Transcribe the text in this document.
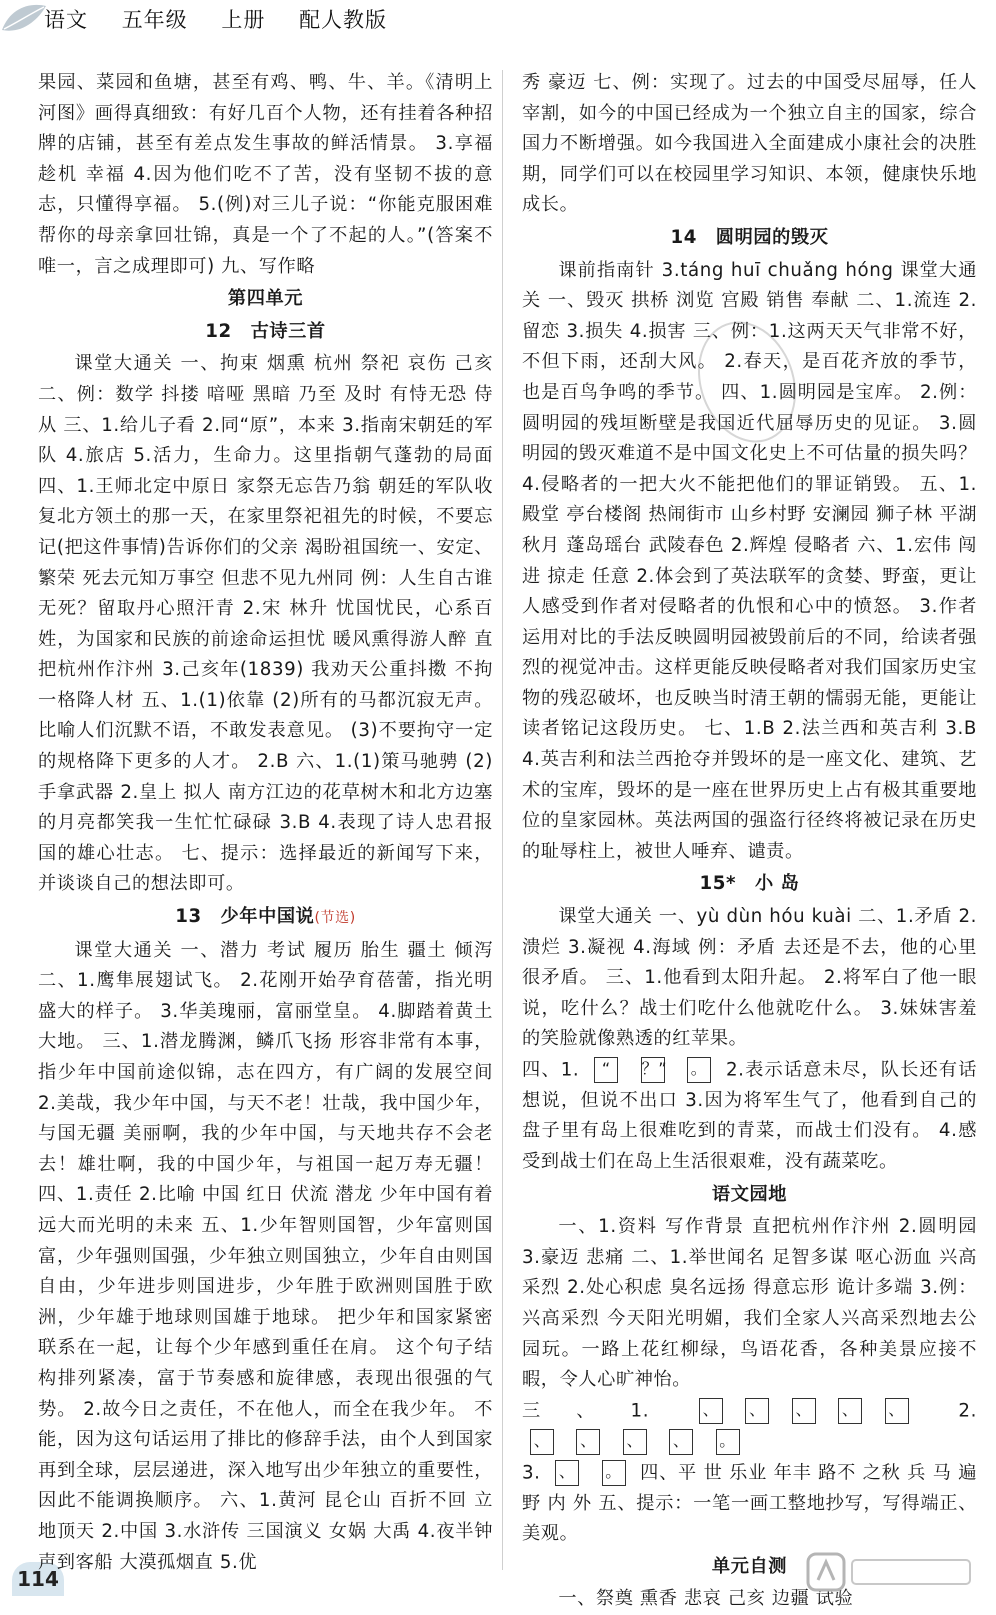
语文 五年级 上册 配人教版

果园、菜园和鱼塘，甚至有鸡、鸭、牛、羊。《清明上河图》画得真细致：有好几百个人物，还有挂着各种招牌的店铺，甚至有差点发生事故的鲜活情景。 3.享福 趁机 幸福 4.因为他们吃不了苦，没有坚韧不拔的意志，只懂得享福。 5.(例)对三儿子说：“你能克服困难帮你的母亲拿回壮锦，真是一个了不起的人。”(答案不唯一，言之成理即可) 九、写作略

第四单元
12　古诗三首

课堂大通关 一、拘束 烟熏 杭州 祭祀 哀伤 己亥 二、例：数学 抖搂 喑哑 黑暗 乃至 及时 有恃无恐 侍从 三、1.给儿子看 2.同“原”，本来 3.指南宋朝廷的军队 4.旅店 5.活力，生命力。这里指朝气蓬勃的局面 四、1.王师北定中原日 家祭无忘告乃翁 朝廷的军队收复北方领土的那一天，在家里祭祀祖先的时候，不要忘记(把这件事情)告诉你们的父亲 渴盼祖国统一、安定、繁荣 死去元知万事空 但悲不见九州同 例：人生自古谁无死？留取丹心照汗青 2.宋 林升 忧国忧民，心系百姓，为国家和民族的前途命运担忧 暖风熏得游人醉 直把杭州作汴州 3.己亥年(1839) 我劝天公重抖擞 不拘一格降人材 五、1.(1)依靠 (2)所有的马都沉寂无声。比喻人们沉默不语，不敢发表意见。 (3)不要拘守一定的规格降下更多的人才。 2.B 六、1.(1)策马驰骋 (2)手拿武器 2.皇上 拟人 南方江边的花草树木和北方边塞的月亮都笑我一生忙忙碌碌 3.B 4.表现了诗人忠君报国的雄心壮志。 七、提示：选择最近的新闻写下来，并谈谈自己的想法即可。

13　少年中国说(节选)

课堂大通关 一、潜力 考试 履历 胎生 疆土 倾泻 二、1.鹰隼展翅试飞。 2.花刚开始孕育蓓蕾，指光明盛大的样子。 3.华美瑰丽，富丽堂皇。 4.脚踏着黄土大地。 三、1.潜龙腾渊，鳞爪飞扬 形容非常有本事，指少年中国前途似锦，志在四方，有广阔的发展空间 2.美哉，我少年中国，与天不老！壮哉，我中国少年，与国无疆 美丽啊，我的少年中国，与天地共存不会老去！雄壮啊，我的中国少年，与祖国一起万寿无疆！ 四、1.责任 2.比喻 中国 红日 伏流 潜龙 少年中国有着远大而光明的未来 五、1.少年智则国智，少年富则国富，少年强则国强，少年独立则国独立，少年自由则国自由，少年进步则国进步，少年胜于欧洲则国胜于欧洲，少年雄于地球则国雄于地球。 把少年和国家紧密联系在一起，让每个少年感到重任在肩。 这个句子结构排列紧凑，富于节奏感和旋律感，表现出很强的气势。 2.故今日之责任，不在他人，而全在我少年。 不能，因为这句话运用了排比的修辞手法，由个人到国家再到全球，层层递进，深入地写出少年独立的重要性，因此不能调换顺序。 六、1.黄河 昆仑山 百折不回 立地顶天 2.中国 3.水浒传 三国演义 女娲 大禹 4.夜半钟声到客船 大漠孤烟直 5.优

秀 豪迈 七、例：实现了。过去的中国受尽屈辱，任人宰割，如今的中国已经成为一个独立自主的国家，综合国力不断增强。如今我国进入全面建成小康社会的决胜期，同学们可以在校园里学习知识、本领，健康快乐地成长。

14　圆明园的毁灭

课前指南针 3.táng huī chuǎng hóng 课堂大通关 一、毁灭 拱桥 浏览 宫殿 销售 奉献 二、1.流连 2.留恋 3.损失 4.损害 三、例：1.这两天天气非常不好，不但下雨，还刮大风。 2.春天，是百花齐放的季节，也是百鸟争鸣的季节。 四、1.圆明园是宝库。 2.例：圆明园的残垣断壁是我国近代屈辱历史的见证。 3.圆明园的毁灭难道不是中国文化史上不可估量的损失吗？ 4.侵略者的一把大火不能把他们的罪证销毁。 五、1.殿堂 亭台楼阁 热闹街市 山乡村野 安澜园 狮子林 平湖秋月 蓬岛瑶台 武陵春色 2.辉煌 侵略者 六、1.宏伟 闯进 掠走 任意 2.体会到了英法联军的贪婪、野蛮，更让人感受到作者对侵略者的仇恨和心中的愤怒。 3.作者运用对比的手法反映圆明园被毁前后的不同，给读者强烈的视觉冲击。这样更能反映侵略者对我们国家历史宝物的残忍破坏，也反映当时清王朝的懦弱无能，更能让读者铭记这段历史。 七、1.B 2.法兰西和英吉利 3.B 4.英吉利和法兰西抢夺并毁坏的是一座文化、建筑、艺术的宝库，毁坏的是一座在世界历史上占有极其重要地位的皇家园林。英法两国的强盗行径终将被记录在历史的耻辱柱上，被世人唾弃、谴责。

15*　小 岛

课堂大通关 一、yù dùn hóu kuài 二、1.矛盾 2.溃烂 3.凝视 4.海域 例：矛盾 去还是不去，他的心里很矛盾。 三、1.他看到太阳升起。 2.将军白了他一眼说，吃什么？战士们吃什么他就吃什么。 3.妹妹害羞的笑脸就像熟透的红苹果。

四、1. “ ？” 。 2.表示话意未尽，队长还有话想说，但说不出口 3.因为将军生气了，他看到自己的盘子里有岛上很难吃到的青菜，而战士们没有。 4.感受到战士们在岛上生活很艰难，没有蔬菜吃。

语文园地

一、1.资料 写作背景 直把杭州作汴州 2.圆明园 3.豪迈 悲痛 二、1.举世闻名 足智多谋 呕心沥血 兴高采烈 2.处心积虑 臭名远扬 得意忘形 诡计多端 3.例：兴高采烈 今天阳光明媚，我们全家人兴高采烈地去公园玩。一路上花红柳绿，鸟语花香，各种美景应接不暇，令人心旷神怡。

三、1.	、 、 、 、 、	2. 、 、 、 、 。

3. 、 。 四、平 世 乐业 年丰 路不 之秋 兵 马 遍野 内 外 五、提示：一笔一画工整地抄写，写得端正、美观。

单元自测

一、祭奠 熏香 悲哀 己亥 边疆 试验

114
